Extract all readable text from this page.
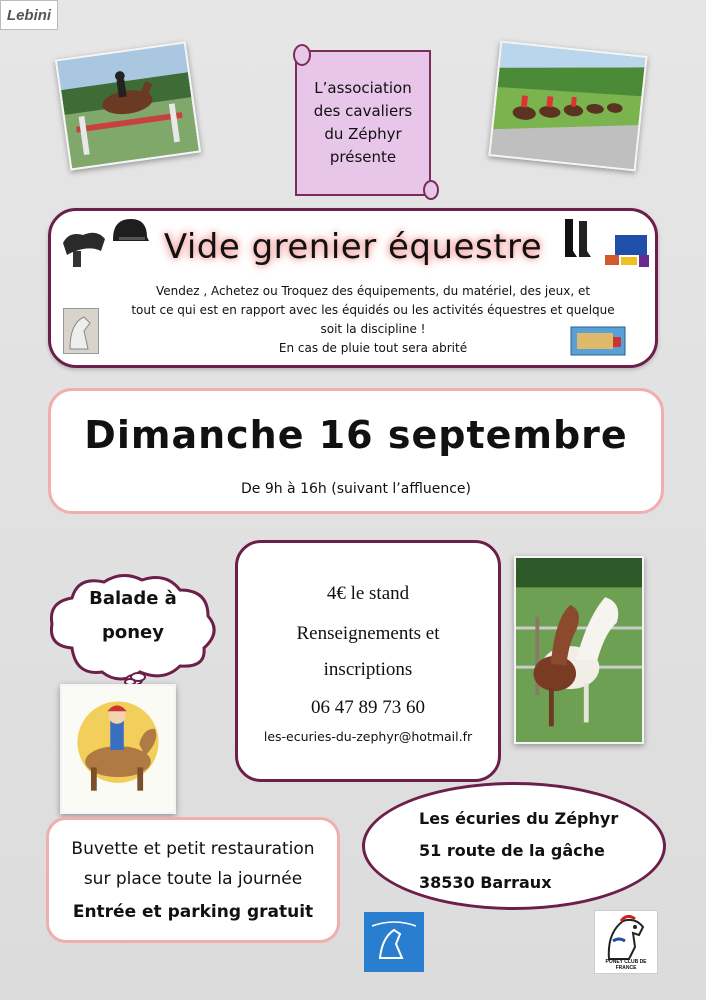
Lebini
L’association
des cavaliers
du Zéphyr
présente
Vide grenier équestre
Vendez , Achetez ou Troquez des équipements, du matériel, des jeux, et
tout ce qui est en rapport avec les équidés ou les activités équestres et quelque
soit la discipline !
En cas de pluie tout sera abrité
Dimanche 16 septembre
De 9h à 16h (suivant l’affluence)
Balade à
poney
4€ le stand
Renseignements et
inscriptions
06 47 89 73 60
les-ecuries-du-zephyr@hotmail.fr
Les écuries du Zéphyr
51 route de la gâche
38530 Barraux
Buvette et petit restauration
sur place toute la journée
Entrée et parking gratuit
PONEY CLUB DE FRANCE
